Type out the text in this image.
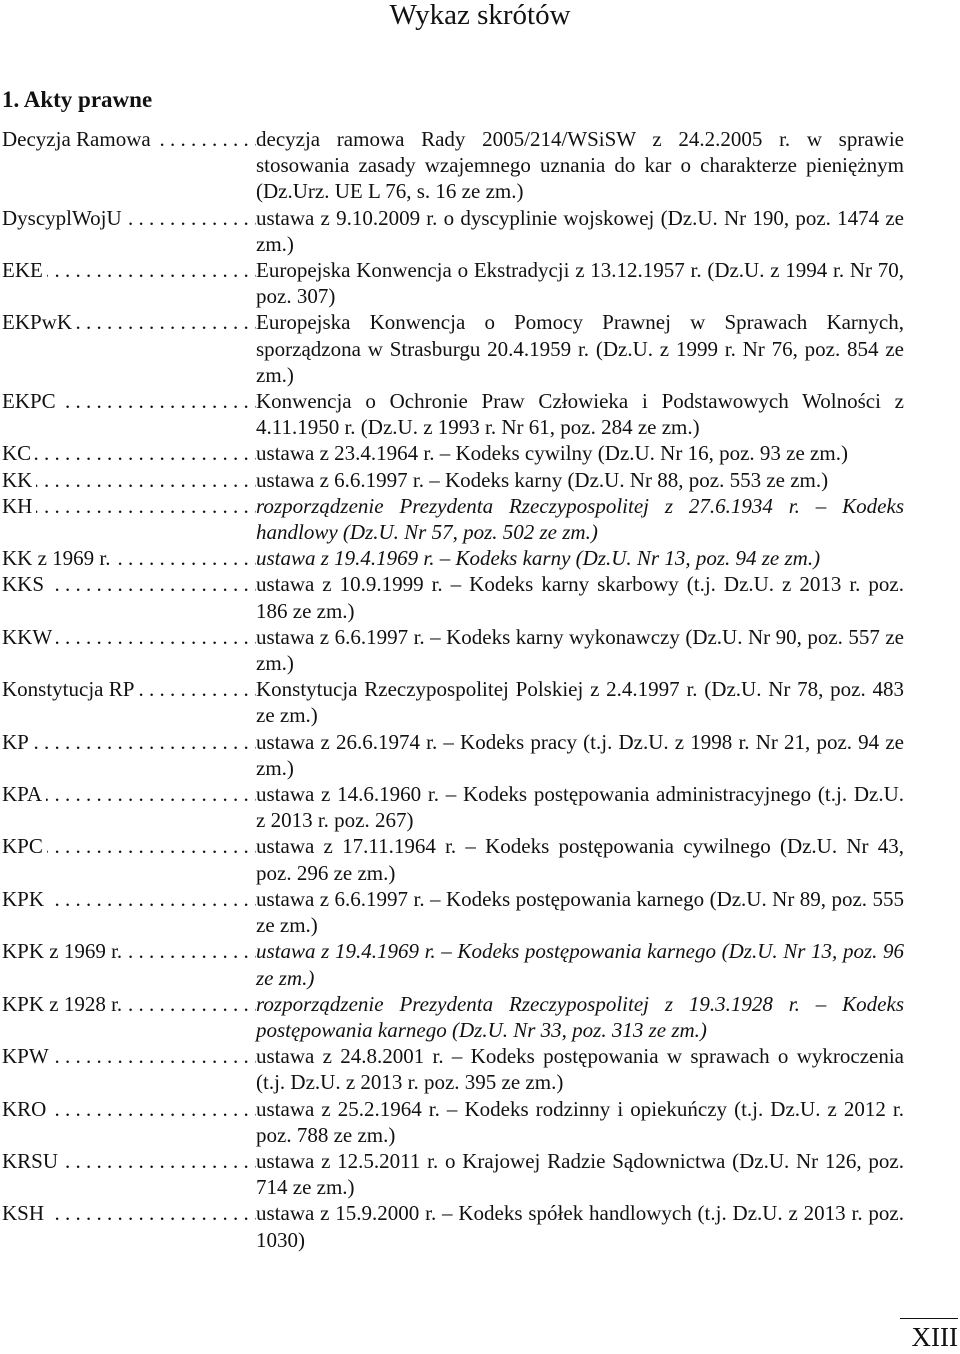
Wykaz skrótów
1. Akty prawne
Decyzja Ramowa . . .	decyzja ramowa Rady 2005/214/WSiSW z 24.2.2005 r. w sprawie stosowania zasady wzajemnego uznania do kar o charakterze pieniężnym (Dz.Urz. UE L 76, s. 16 ze zm.)
DyscyplWojU . . .	ustawa z 9.10.2009 r. o dyscyplinie wojskowej (Dz.U. Nr 190, poz. 1474 ze zm.)
EKE . . .	Europejska Konwencja o Ekstradycji z 13.12.1957 r. (Dz.U. z 1994 r. Nr 70, poz. 307)
EKPwK . . .	Europejska Konwencja o Pomocy Prawnej w Sprawach Karnych, sporządzona w Strasburgu 20.4.1959 r. (Dz.U. z 1999 r. Nr 76, poz. 854 ze zm.)
EKPC . . .	Konwencja o Ochronie Praw Człowieka i Podstawowych Wolności z 4.11.1950 r. (Dz.U. z 1993 r. Nr 61, poz. 284 ze zm.)
KC . . .	ustawa z 23.4.1964 r. – Kodeks cywilny (Dz.U. Nr 16, poz. 93 ze zm.)
KK . . .	ustawa z 6.6.1997 r. – Kodeks karny (Dz.U. Nr 88, poz. 553 ze zm.)
KH . . .	rozporządzenie Prezydenta Rzeczypospolitej z 27.6.1934 r. – Kodeks handlowy (Dz.U. Nr 57, poz. 502 ze zm.)
KK z 1969 r. . . .	ustawa z 19.4.1969 r. – Kodeks karny (Dz.U. Nr 13, poz. 94 ze zm.)
KKS . . .	ustawa z 10.9.1999 r. – Kodeks karny skarbowy (t.j. Dz.U. z 2013 r. poz. 186 ze zm.)
KKW . . .	ustawa z 6.6.1997 r. – Kodeks karny wykonawczy (Dz.U. Nr 90, poz. 557 ze zm.)
Konstytucja RP . . .	Konstytucja Rzeczypospolitej Polskiej z 2.4.1997 r. (Dz.U. Nr 78, poz. 483 ze zm.)
KP . . .	ustawa z 26.6.1974 r. – Kodeks pracy (t.j. Dz.U. z 1998 r. Nr 21, poz. 94 ze zm.)
KPA . . .	ustawa z 14.6.1960 r. – Kodeks postępowania administracyjnego (t.j. Dz.U. z 2013 r. poz. 267)
KPC . . .	ustawa z 17.11.1964 r. – Kodeks postępowania cywilnego (Dz.U. Nr 43, poz. 296 ze zm.)
KPK . . .	ustawa z 6.6.1997 r. – Kodeks postępowania karnego (Dz.U. Nr 89, poz. 555 ze zm.)
KPK z 1969 r. . . .	ustawa z 19.4.1969 r. – Kodeks postępowania karnego (Dz.U. Nr 13, poz. 96 ze zm.)
KPK z 1928 r. . . .	rozporządzenie Prezydenta Rzeczypospolitej z 19.3.1928 r. – Kodeks postępowania karnego (Dz.U. Nr 33, poz. 313 ze zm.)
KPW . . .	ustawa z 24.8.2001 r. – Kodeks postępowania w sprawach o wykroczenia (t.j. Dz.U. z 2013 r. poz. 395 ze zm.)
KRO . . .	ustawa z 25.2.1964 r. – Kodeks rodzinny i opiekuńczy (t.j. Dz.U. z 2012 r. poz. 788 ze zm.)
KRSU . . .	ustawa z 12.5.2011 r. o Krajowej Radzie Sądownictwa (Dz.U. Nr 126, poz. 714 ze zm.)
KSH . . .	ustawa z 15.9.2000 r. – Kodeks spółek handlowych (t.j. Dz.U. z 2013 r. poz. 1030)
XIII
